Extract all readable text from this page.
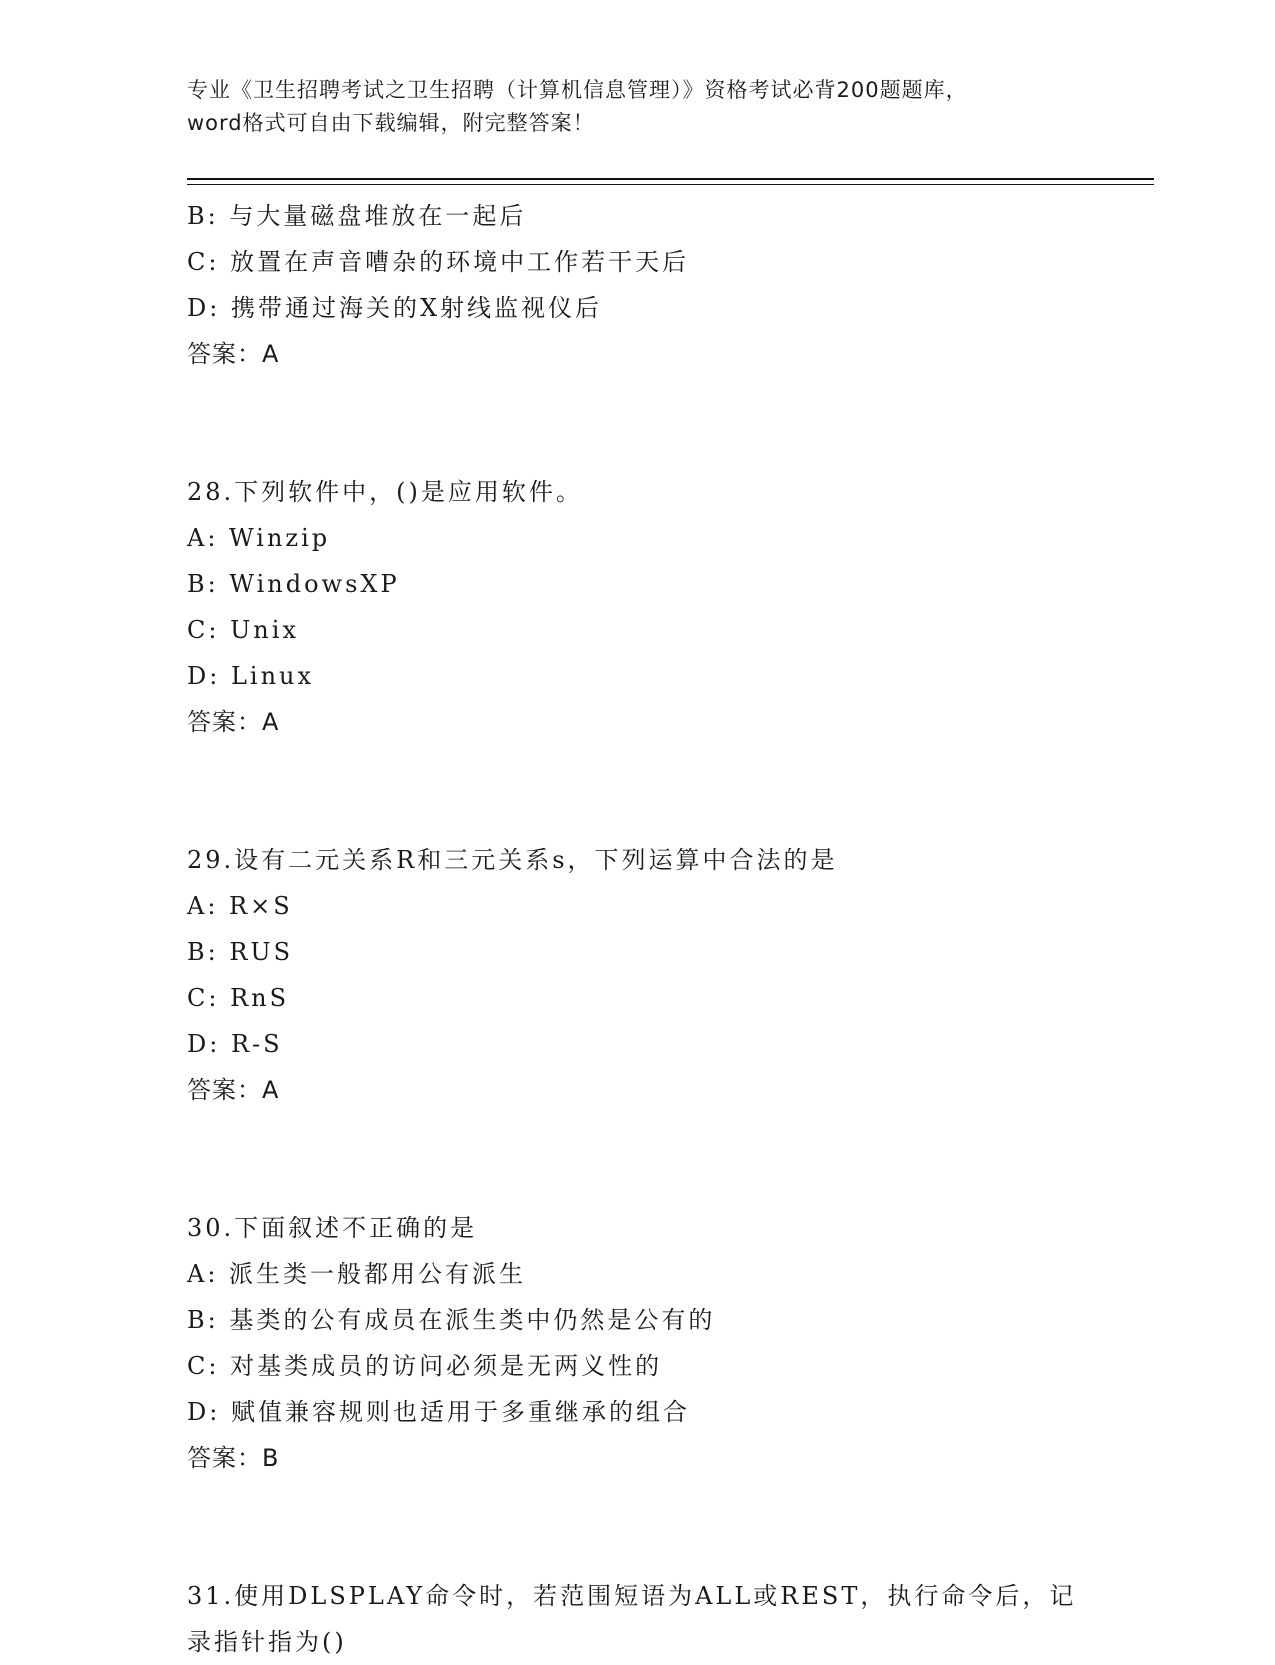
专业《卫生招聘考试之卫生招聘（计算机信息管理）》资格考试必背200题题库，
word格式可自由下载编辑，附完整答案！
B: 与大量磁盘堆放在一起后
C: 放置在声音嘈杂的环境中工作若干天后
D: 携带通过海关的X射线监视仪后
答案：A
28.下列软件中，()是应用软件。
A: Winzip
B: WindowsXP
C: Unix
D: Linux
答案：A
29.设有二元关系R和三元关系s，下列运算中合法的是
A: R×S
B: RUS
C: RnS
D: R-S
答案：A
30.下面叙述不正确的是
A: 派生类一般都用公有派生
B: 基类的公有成员在派生类中仍然是公有的
C: 对基类成员的访问必须是无两义性的
D: 赋值兼容规则也适用于多重继承的组合
答案：B
31.使用DLSPLAY命令时，若范围短语为ALL或REST，执行命令后，记
录指针指为()
